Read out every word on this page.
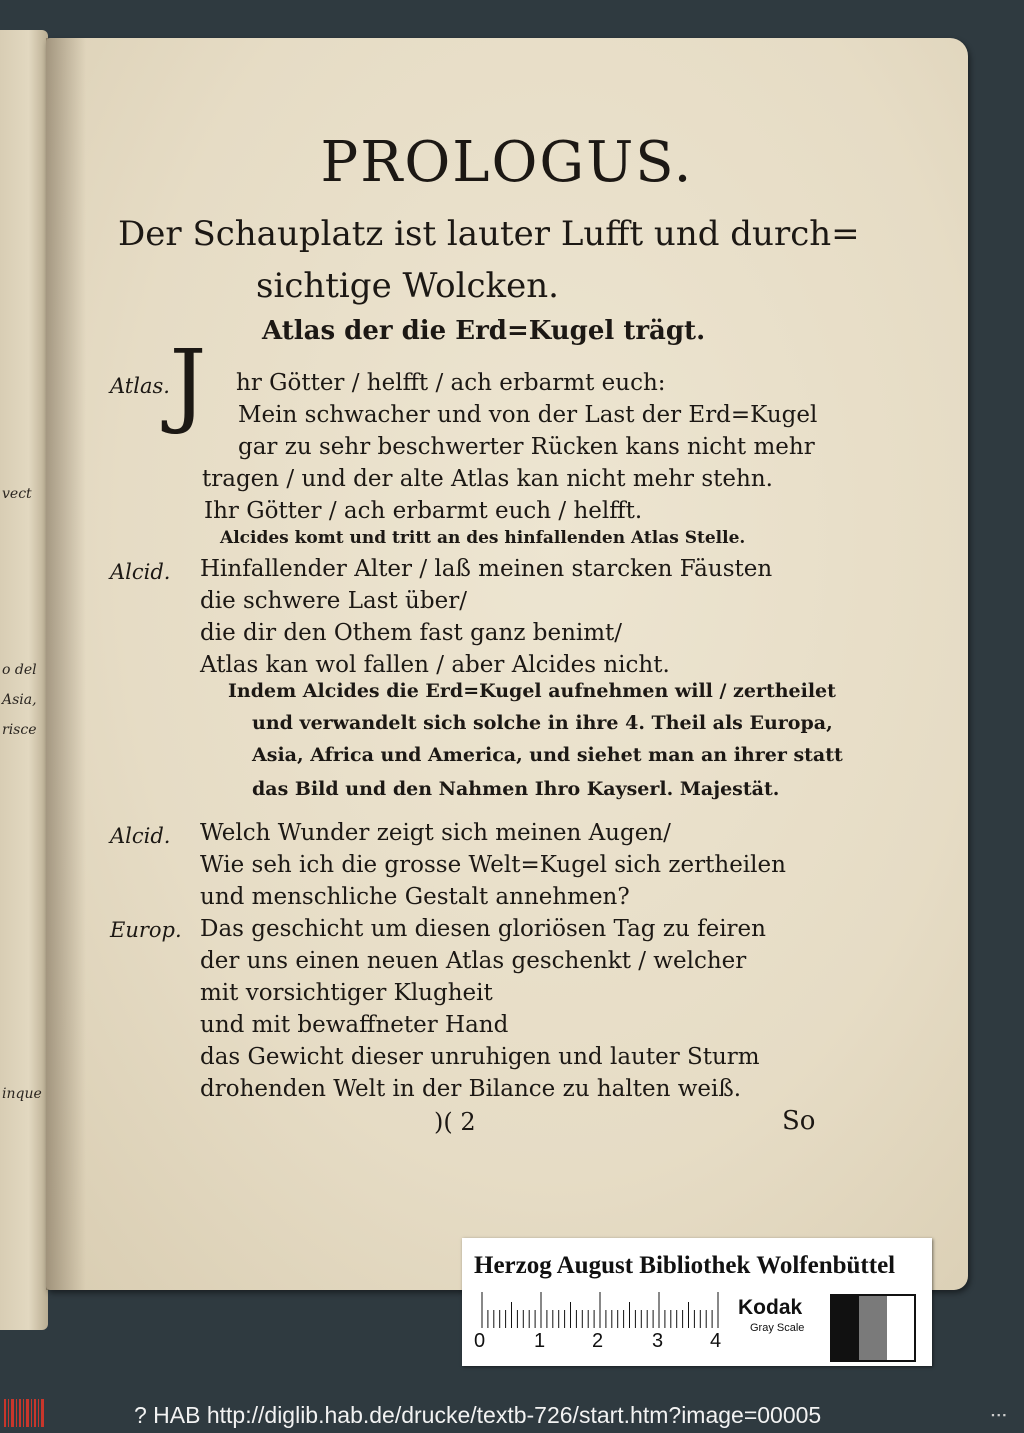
vect
o del
Asia,
risce
inque
PROLOGUS.
Der Schauplatz ist lauter Lufft und durch=
sichtige Wolcken.
Atlas der die Erd=Kugel trägt.
Atlas. J	hr Götter / helfft / ach erbarmt euch:
Mein schwacher und von der Last der Erd=Kugel
gar zu sehr beschwerter Rücken kans nicht mehr
tragen / und der alte Atlas kan nicht mehr stehn.
Ihr Götter / ach erbarmt euch / helfft.
Alcides komt und tritt an des hinfallenden Atlas Stelle.
Alcid. Hinfallender Alter / laß meinen starcken Fäusten
die schwere Last über/
die dir den Othem fast ganz benimt/
Atlas kan wol fallen / aber Alcides nicht.
Indem Alcides die Erd=Kugel aufnehmen will / zertheilet
und verwandelt sich solche in ihre 4. Theil als Europa,
Asia, Africa und America, und siehet man an ihrer statt
das Bild und den Nahmen Ihro Kayserl. Majestät.
Alcid. Welch Wunder zeigt sich meinen Augen/
Wie seh ich die grosse Welt=Kugel sich zertheilen
und menschliche Gestalt annehmen?
Europ. Das geschicht um diesen gloriösen Tag zu feiren
der uns einen neuen Atlas geschenkt / welcher
mit vorsichtiger Klugheit
und mit bewaffneter Hand
das Gewicht dieser unruhigen und lauter Sturm
drohenden Welt in der Bilance zu halten weiß.
)( 2	So
Herzog August Bibliothek Wolfenbüttel
0 1 2 3 4
Kodak
Gray Scale
? HAB http://diglib.hab.de/drucke/textb-726/start.htm?image=00005	▪ ▪ ▪
